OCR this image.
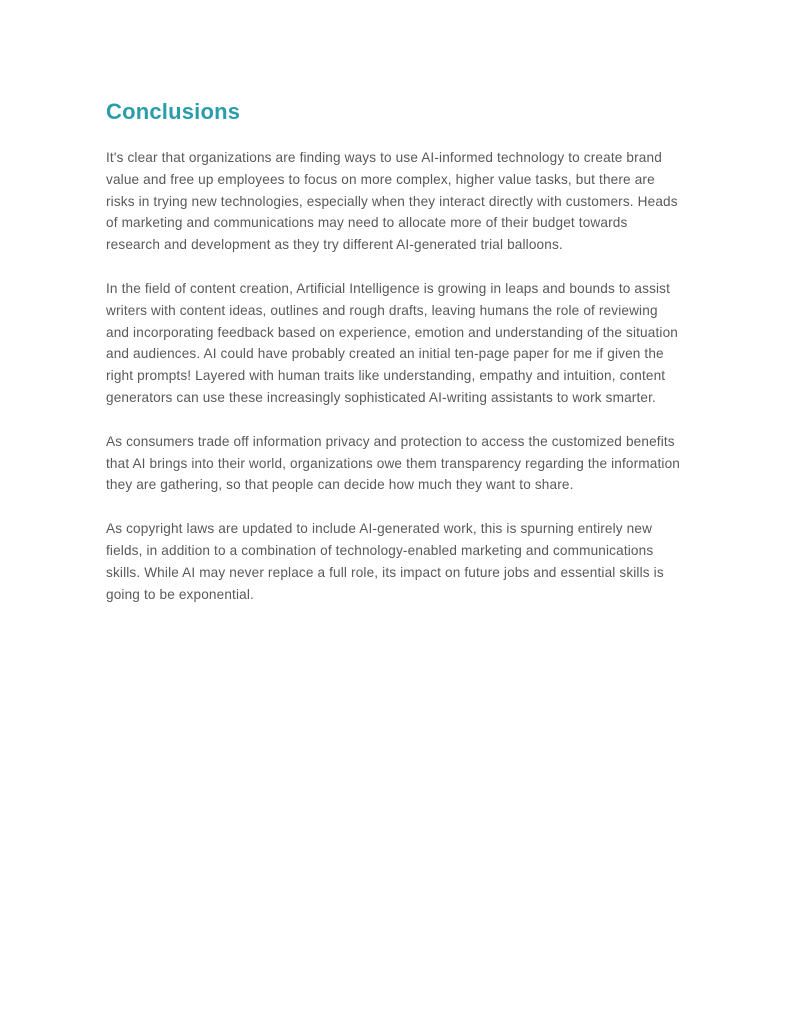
Conclusions

It's clear that organizations are finding ways to use AI-informed technology to create brand value and free up employees to focus on more complex, higher value tasks, but there are risks in trying new technologies, especially when they interact directly with customers. Heads of marketing and communications may need to allocate more of their budget towards research and development as they try different AI-generated trial balloons.

In the field of content creation, Artificial Intelligence is growing in leaps and bounds to assist writers with content ideas, outlines and rough drafts, leaving humans the role of reviewing and incorporating feedback based on experience, emotion and understanding of the situation and audiences. AI could have probably created an initial ten-page paper for me if given the right prompts! Layered with human traits like understanding, empathy and intuition, content generators can use these increasingly sophisticated AI-writing assistants to work smarter.

As consumers trade off information privacy and protection to access the customized benefits that AI brings into their world, organizations owe them transparency regarding the information they are gathering, so that people can decide how much they want to share.

As copyright laws are updated to include AI-generated work, this is spurning entirely new fields, in addition to a combination of technology-enabled marketing and communications skills. While AI may never replace a full role, its impact on future jobs and essential skills is going to be exponential.
